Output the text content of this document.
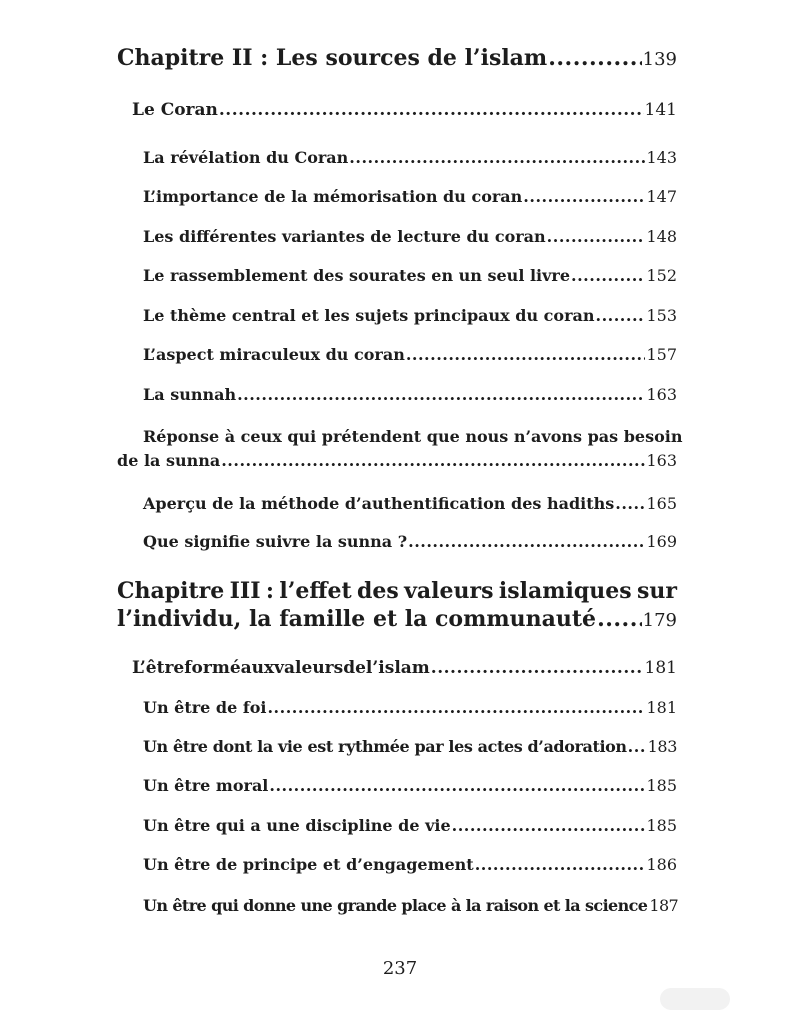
Chapitre II : Les sources de l’islam .....	139
Le Coran .....	141
La révélation du Coran .....	143
L’importance de la mémorisation du coran .....	147
Les différentes variantes de lecture du coran .....	148
Le rassemblement des sourates en un seul livre .....	152
Le thème central et les sujets principaux du coran .....	153
L’aspect miraculeux du coran .....	157
La sunnah .....	163
Réponse à ceux qui prétendent que nous n’avons pas besoin
de la sunna .....	163
Aperçu de la méthode d’authentification des hadiths ..... 165
Que signifie suivre la sunna ? .....	169
Chapitre III : l’effet des valeurs islamiques sur
l’individu, la famille et la communauté .....	179
L’êtreforméauxvaleursdel’islam .....	181
Un être de foi .....	181
Un être dont la vie est rythmée par les actes d’adoration ..... 183
Un être moral .....	185
Un être qui a une discipline de vie .....	185
Un être de principe et d’engagement .....	186
Un être qui donne une grande place à la raison et la science 187
237
